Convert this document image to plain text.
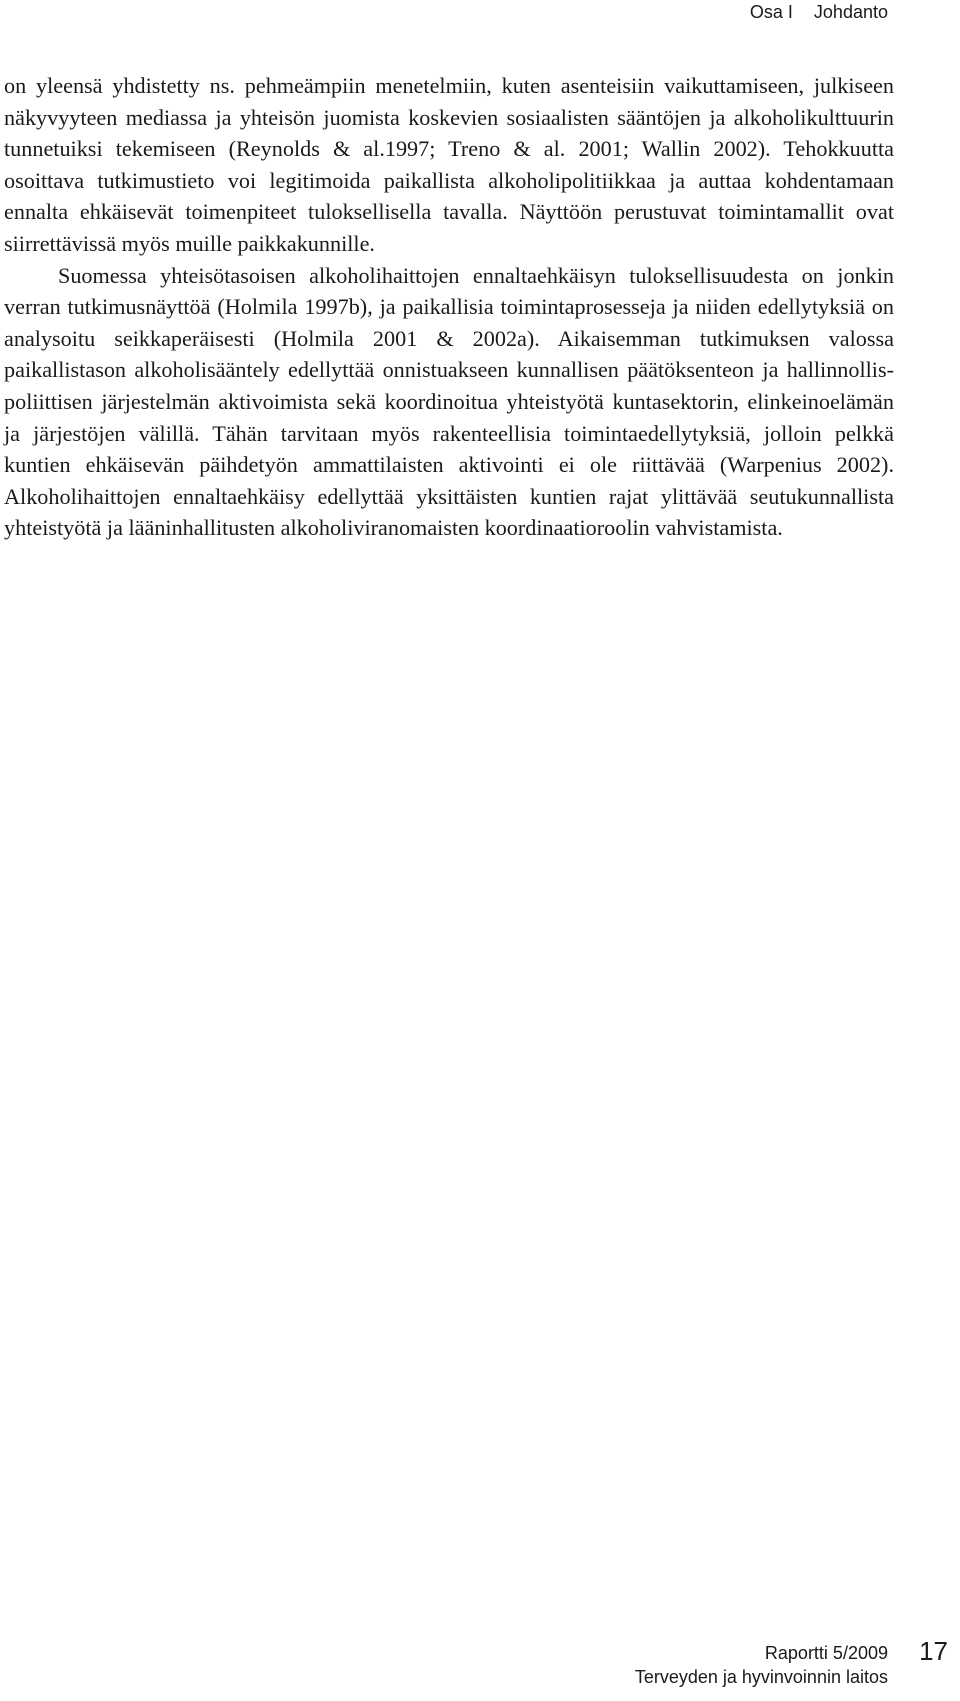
Osa I Johdanto

on yleensä yhdistetty ns. pehmeämpiin menetelmiin, kuten asenteisiin vaikuttamiseen, julkiseen näkyvyyteen mediassa ja yhteisön juomista koskevien sosiaalisten sääntöjen ja alkoholikulttuurin tunnetuiksi tekemiseen (Reynolds & al.1997; Treno & al. 2001; Wallin 2002). Tehokkuutta osoittava tutkimustieto voi legitimoida paikallista alkoholipolitiikkaa ja auttaa kohdentamaan ennalta ehkäisevät toimenpiteet tuloksellisella tavalla. Näyttöön perustuvat toimintamallit ovat siirrettävissä myös muille paikkakunnille.

Suomessa yhteisötasoisen alkoholihaittojen ennaltaehkäisyn tuloksellisuudesta on jonkin verran tutkimusnäyttöä (Holmila 1997b), ja paikallisia toimintaprosesseja ja niiden edellytyksiä on analysoitu seikkaperäisesti (Holmila 2001 & 2002a). Aikaisemman tutkimuksen valossa paikallistason alkoholisääntely edellyttää onnistuakseen kunnallisen päätöksenteon ja hallinnollis-poliittisen järjestelmän aktivoimista sekä koordinoitua yhteistyötä kuntasektorin, elinkeinoelämän ja järjestöjen välillä. Tähän tarvitaan myös rakenteellisia toimintaedellytyksiä, jolloin pelkkä kuntien ehkäisevän päihdetyön ammattilaisten aktivointi ei ole riittävää (Warpenius 2002). Alkoholihaittojen ennaltaehkäisy edellyttää yksittäisten kuntien rajat ylittävää seutukunnallista yhteistyötä ja lääninhallitusten alkoholiviranomaisten koordinaatioroolin vahvistamista.

Raportti 5/2009
Terveyden ja hyvinvoinnin laitos
17
